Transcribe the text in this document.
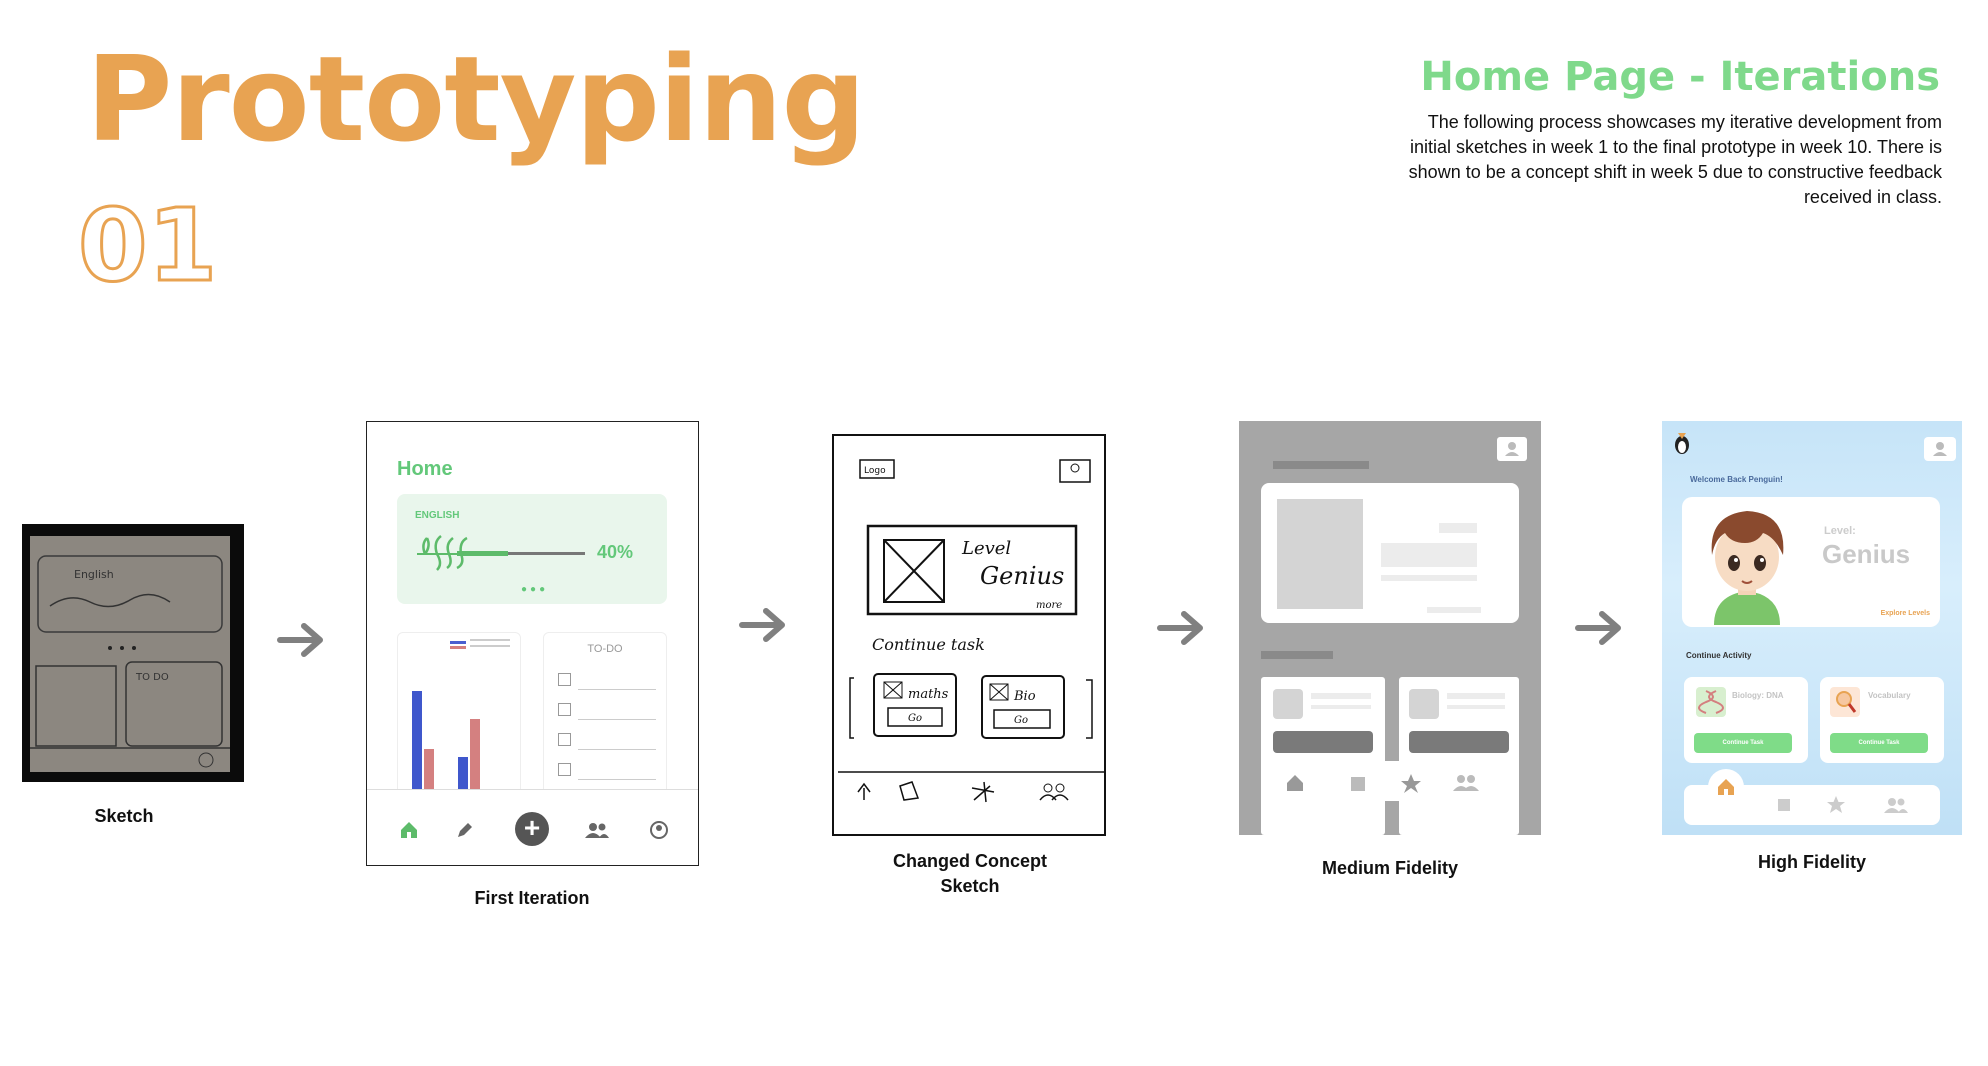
Prototyping
01
Home Page - Iterations
The following process showcases my iterative development from initial sketches in week 1 to the final prototype in week 10. There is shown to be a concept shift in week 5 due to constructive feedback received in class.
English
TO DO
Sketch
Home
ENGLISH
40%
●●●
TO-DO
+
First Iteration
Logo
Level
Genius
more
Continue task
maths
Go
Bio
Go
Changed Concept Sketch
Medium Fidelity
Welcome Back Penguin!
Level:
Genius
Explore Levels
Continue Activity
Biology: DNA
Continue Task
Vocabulary
Continue Task
High Fidelity
